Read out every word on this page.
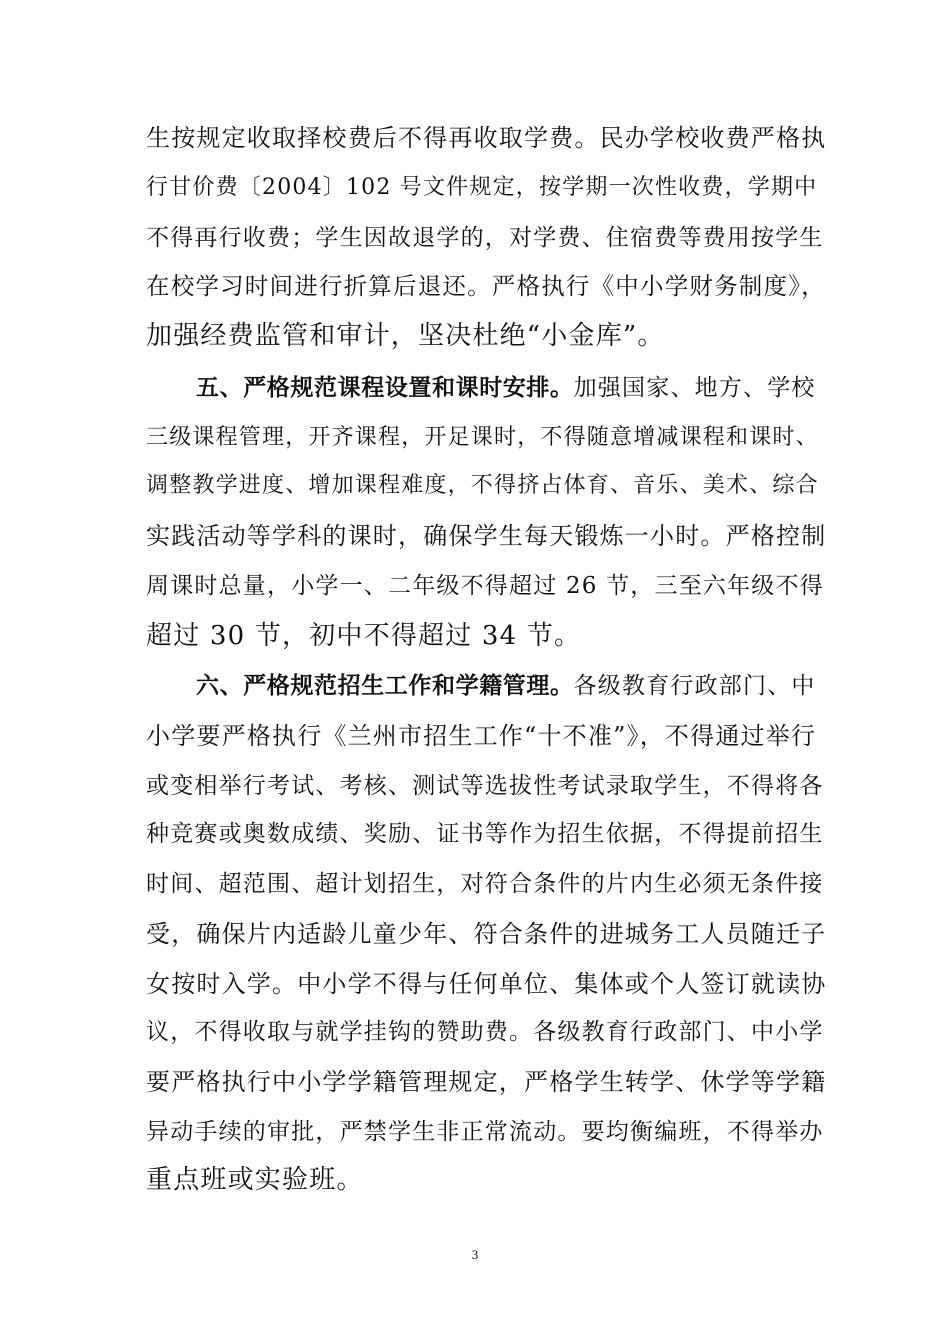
生按规定收取择校费后不得再收取学费。民办学校收费严格执
行甘价费〔2004〕102 号文件规定，按学期一次性收费，学期中
不得再行收费；学生因故退学的，对学费、住宿费等费用按学生
在校学习时间进行折算后退还。严格执行《中小学财务制度》，
加强经费监管和审计，坚决杜绝“小金库”。
五、严格规范课程设置和课时安排。加强国家、地方、学校
三级课程管理，开齐课程，开足课时，不得随意增减课程和课时、
调整教学进度、增加课程难度，不得挤占体育、音乐、美术、综合
实践活动等学科的课时，确保学生每天锻炼一小时。严格控制
周课时总量，小学一、二年级不得超过 26 节，三至六年级不得
超过 30 节，初中不得超过 34 节。
六、严格规范招生工作和学籍管理。各级教育行政部门、中
小学要严格执行《兰州市招生工作“十不准”》，不得通过举行
或变相举行考试、考核、测试等选拔性考试录取学生，不得将各
种竞赛或奥数成绩、奖励、证书等作为招生依据，不得提前招生
时间、超范围、超计划招生，对符合条件的片内生必须无条件接
受，确保片内适龄儿童少年、符合条件的进城务工人员随迁子
女按时入学。中小学不得与任何单位、集体或个人签订就读协
议，不得收取与就学挂钩的赞助费。各级教育行政部门、中小学
要严格执行中小学学籍管理规定，严格学生转学、休学等学籍
异动手续的审批，严禁学生非正常流动。要均衡编班，不得举办
重点班或实验班。
3
